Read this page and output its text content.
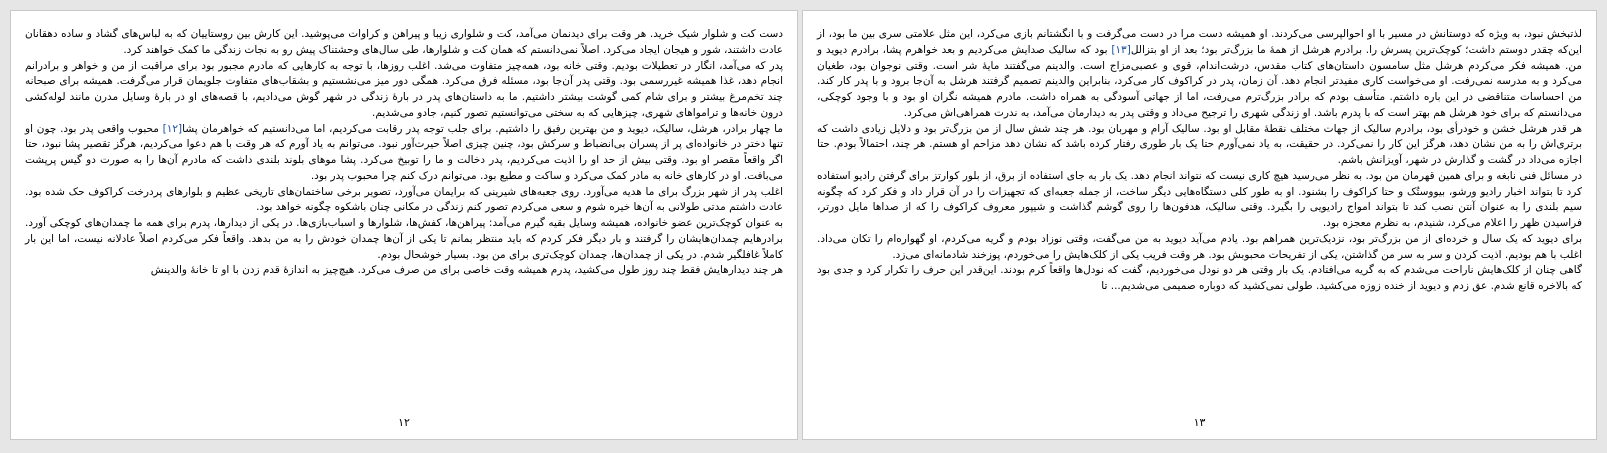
دست کت و شلوار شیک خرید. هر وقت برای دیدنمان می‌آمد، کت و شلواری زیبا و پیراهن و کراوات می‌پوشید. این کارش بین روستاییان که به لباس‌های گشاد و ساده دهقانان عادت داشتند، شور و هیجان ایجاد می‌کرد. اصلاً نمی‌دانستم که همان کت و شلوارها، طی سال‌های وحشتناک پیش رو به نجات زندگی ما کمک خواهند کرد.

پدر که می‌آمد، انگار در تعطیلات بودیم. وقتی خانه بود، همه‌چیز متفاوت می‌شد. اغلب روزها، با توجه به کارهایی که مادرم مجبور بود برای مراقبت از من و خواهر و برادرانم انجام دهد، غذا همیشه غیررسمی بود. وقتی پدر آن‌جا بود، مسئله فرق می‌کرد. همگی دور میز می‌نشستیم و بشقاب‌های متفاوت جلویمان قرار می‌گرفت. همیشه برای صبحانه چند تخم‌مرغ بیشتر و برای شام کمی گوشت بیشتر داشتیم. ما به داستان‌های پدر در بارهٔ زندگی در شهر گوش می‌دادیم، با قصه‌های او در بارهٔ وسایل مدرن مانند لوله‌کشی درون خانه‌ها و ترامواهای شهری، چیزهایی که به سختی می‌توانستیم تصور کنیم، جادو می‌شدیم.

ما چهار برادر، هرشل، سالیک، دیوید و من بهترین رفیق را داشتیم. برای جلب توجه پدر رقابت می‌کردیم، اما می‌دانستیم که خواهرمان پشا[۱۲] محبوب واقعی پدر بود. چون او تنها دختر در خانواده‌ای پر از پسران بی‌انضباط و سرکش بود، چنین چیزی اصلاً حیرت‌آور نبود. می‌توانم به یاد آورم که هر وقت با هم دعوا می‌کردیم، هرگز تقصیر پشا نبود، حتا اگر واقعاً مقصر او بود. وقتی بیش از حد او را اذیت می‌کردیم، پدر دخالت و ما را توبیخ می‌کرد. پشا موهای بلوند بلندی داشت که مادرم آن‌ها را به صورت دو گیس پرپشت می‌بافت. او در کارهای خانه به مادر کمک می‌کرد و ساکت و مطیع بود. می‌توانم درک کنم چرا محبوب پدر بود.

اغلب پدر از شهر بزرگ برای ما هدیه می‌آورد. روی جعبه‌های شیرینی که برایمان می‌آورد، تصویر برخی ساختمان‌های تاریخی عظیم و بلوارهای پردرخت کراکوف حک شده بود. عادت داشتم مدتی طولانی به آن‌ها خیره شوم و سعی می‌کردم تصور کنم زندگی در مکانی چنان باشکوه چگونه خواهد بود.

به عنوان کوچک‌ترین عضو خانواده، همیشه وسایل بقیه گیرم می‌آمد: پیراهن‌ها، کفش‌ها، شلوارها و اسباب‌بازی‌ها. در یکی از دیدارها، پدرم برای همه ما چمدان‌های کوچکی آورد. برادرهایم چمدان‌هایشان را گرفتند و بار دیگر فکر کردم که باید منتظر بمانم تا یکی از آن‌ها چمدان خودش را به من بدهد. واقعاً فکر می‌کردم اصلاً عادلانه نیست، اما این بار کاملاً غافلگیر شدم. در یکی از چمدان‌ها، چمدان کوچک‌تری برای من بود. بسیار خوشحال بودم.

هر چند دیدارهایش فقط چند روز طول می‌کشید، پدرم همیشه وقت خاصی برای من صرف می‌کرد. هیچ‌چیز به اندازهٔ قدم زدن با او تا خانهٔ والدینش

۱۲

لذتبخش نبود، به ویژه که دوستانش در مسیر با او احوالپرسی می‌کردند. او همیشه دست مرا در دست می‌گرفت و با انگشتانم بازی می‌کرد، این مثل علامتی سری بین ما بود، از این‌که چقدر دوستم داشت؛ کوچک‌ترین پسرش را. برادرم هرشل از همهٔ ما بزرگ‌تر بود؛ بعد از او بتزالل[۱۳] بود که سالیک صدایش می‌کردیم و بعد خواهرم پشا، برادرم دیوید و من. همیشه فکر می‌کردم هرشل مثل سامسون داستان‌های کتاب مقدس، درشت‌اندام، قوی و عصبی‌مزاج است. والدینم می‌گفتند مایهٔ شر است. وقتی نوجوان بود، طغیان می‌کرد و به مدرسه نمی‌رفت. او می‌خواست کاری مفیدتر انجام دهد. آن زمان، پدر در کراکوف کار می‌کرد، بنابراین والدینم تصمیم گرفتند هرشل به آن‌جا برود و با پدر کار کند. من احساسات متناقضی در این باره داشتم. متأسف بودم که برادر بزرگ‌ترم می‌رفت، اما از جهاتی آسودگی به همراه داشت. مادرم همیشه نگران او بود و با وجود کوچکی، می‌دانستم که برای خود هرشل هم بهتر است که با پدرم باشد. او زندگی شهری را ترجیح می‌داد و وقتی پدر به دیدارمان می‌آمد، به ندرت همراهی‌اش می‌کرد.

هر قدر هرشل خشن و خودرأی بود، برادرم سالیک از جهات مختلف نقطهٔ مقابل او بود. سالیک آرام و مهربان بود. هر چند شش سال از من بزرگ‌تر بود و دلایل زیادی داشت که برتری‌اش را به من نشان دهد، هرگز این کار را نمی‌کرد. در حقیقت، به یاد نمی‌آورم حتا یک بار طوری رفتار کرده باشد که نشان دهد مزاحم او هستم. هر چند، احتمالاً بودم. حتا اجازه می‌داد در گشت و گذارش در شهر، آویزانش باشم.

در مسائل فنی نابغه و برای همین قهرمان من بود. به نظر می‌رسید هیچ کاری نیست که نتواند انجام دهد. یک بار به جای استفاده از برق، از بلور کوارتز برای گرفتن رادیو استفاده کرد تا بتواند اخبار رادیو ورشو، بیووستُک و حتا کراکوف را بشنود. او به طور کلی دستگاه‌هایی دیگر ساخت، از جمله جعبه‌ای که تجهیزات را در آن قرار داد و فکر کرد که چگونه سیم بلندی را به عنوان آنتن نصب کند تا بتواند امواج رادیویی را بگیرد. وقتی سالیک، هدفون‌ها را روی گوشم گذاشت و شیپور معروف کراکوف را که از صداها مایل دورتر، فراسیدن ظهر را اعلام می‌کرد، شنیدم، به نظرم معجزه بود.

برای دیوید که یک سال و خرده‌ای از من بزرگ‌تر بود، نزدیک‌ترین همراهم بود. یادم می‌آید دیوید به من می‌گفت، وقتی نوزاد بودم و گریه می‌کردم، او گهواره‌ام را تکان می‌داد. اغلب با هم بودیم. اذیت کردن و سر به سر من گذاشتن، یکی از تفریحات محبوبش بود. هر وقت فریب یکی از کلک‌هایش را می‌خوردم، پوزخند شادمانه‌ای می‌زد.

گاهی چنان از کلک‌هایش ناراحت می‌شدم که به گریه می‌افتادم. یک بار وقتی هر دو نودل می‌خوردیم، گفت که نودل‌ها واقعاً کرم بودند. این‌قدر این حرف را تکرار کرد و جدی بود که بالاخره قانع شدم. عق زدم و دیوید از خنده زوزه می‌کشید. طولی نمی‌کشید که دوباره صمیمی می‌شدیم... تا

۱۳
